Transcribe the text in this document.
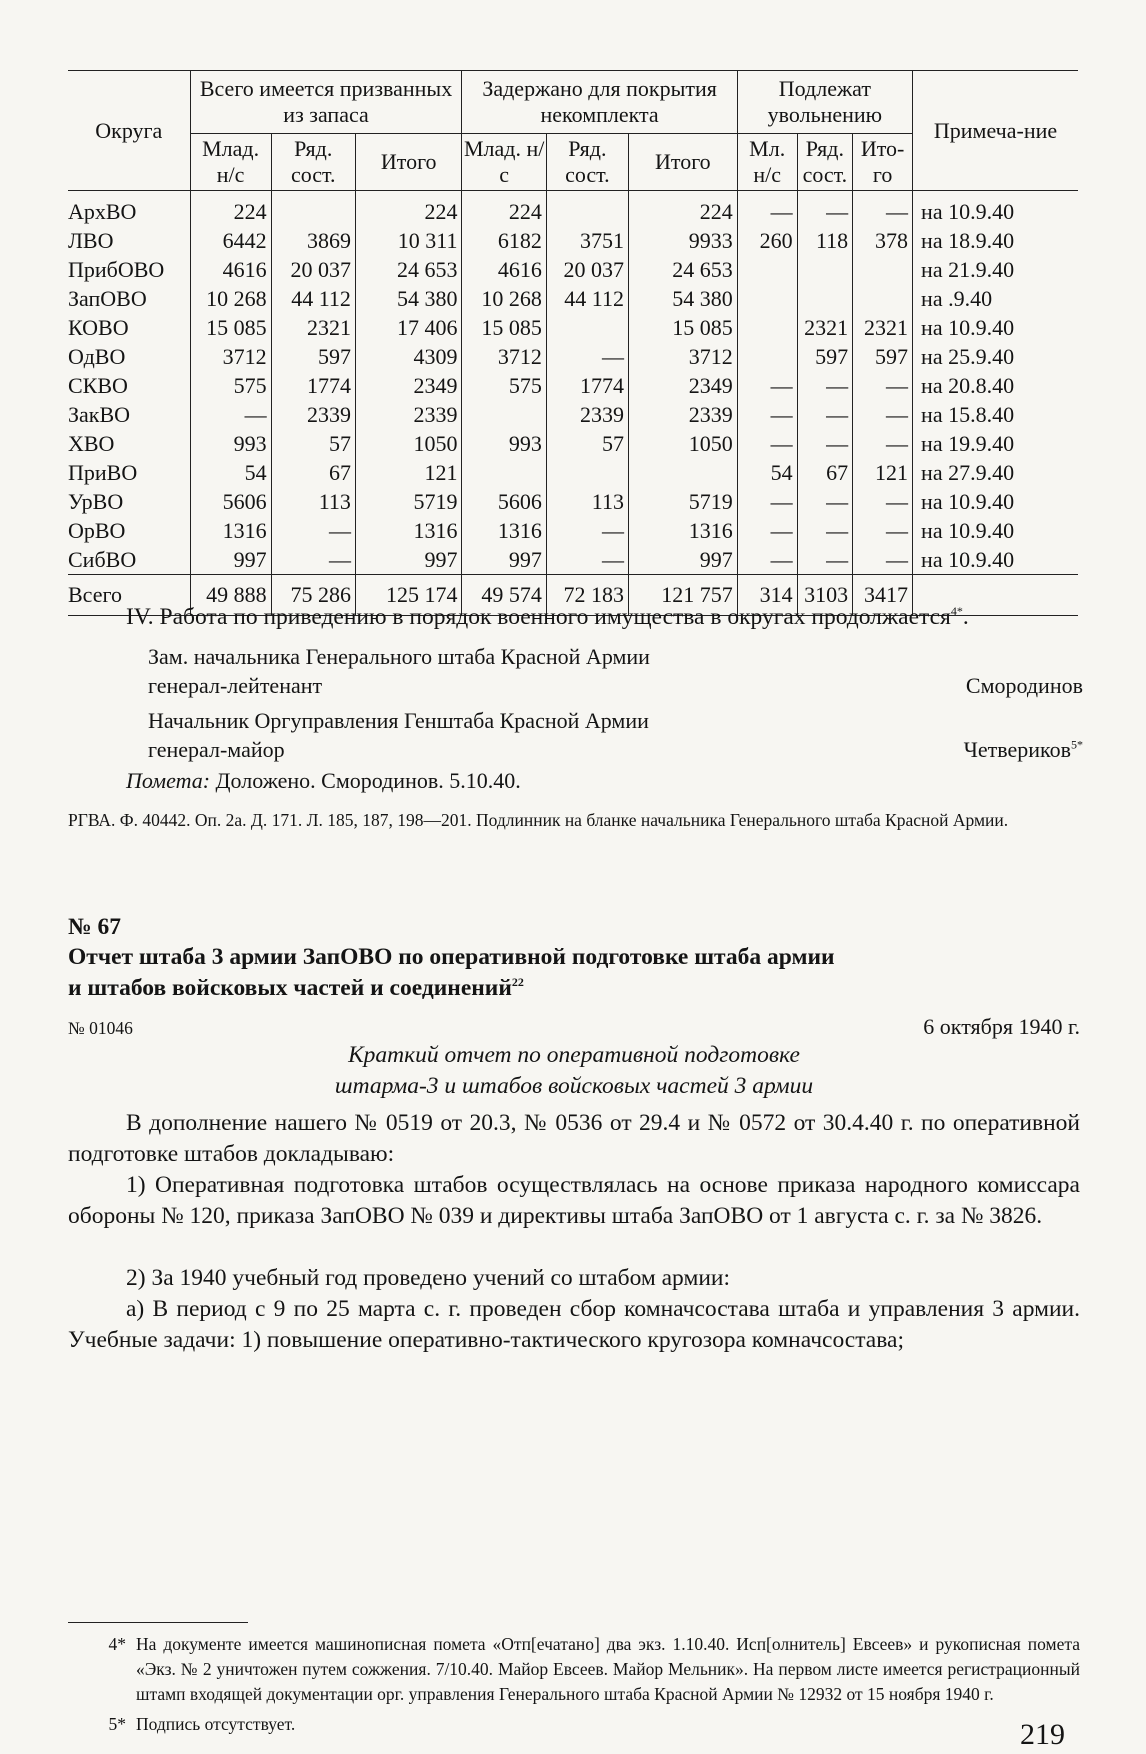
Округа	Всего имеется призванных из запаса			Задержано для покрытия некомплекта			Подлежат увольнению			Примеча-ние
	Млад. н/с	Ряд. сост.	Итого	Млад. н/с	Ряд. сост.	Итого	Мл. н/с	Ряд. сост.	Ито-го	
АрхВО	224		224	224		224	—	—	—	на 10.9.40
ЛВО	6442	3869	10 311	6182	3751	9933	260	118	378	на 18.9.40
ПрибОВО	4616	20 037	24 653	4616	20 037	24 653				на 21.9.40
ЗапОВО	10 268	44 112	54 380	10 268	44 112	54 380				на .9.40
КОВО	15 085	2321	17 406	15 085		15 085		2321	2321	на 10.9.40
ОдВО	3712	597	4309	3712	—	3712		597	597	на 25.9.40
СКВО	575	1774	2349	575	1774	2349	—	—	—	на 20.8.40
ЗакВО	—	2339	2339		2339	2339	—	—	—	на 15.8.40
ХВО	993	57	1050	993	57	1050	—	—	—	на 19.9.40
ПриВО	54	67	121				54	67	121	на 27.9.40
УрВО	5606	113	5719	5606	113	5719	—	—	—	на 10.9.40
ОрВО	1316	—	1316	1316	—	1316	—	—	—	на 10.9.40
СибВО	997	—	997	997	—	997	—	—	—	на 10.9.40
Всего	49 888	75 286	125 174	49 574	72 183	121 757	314	3103	3417	
IV. Работа по приведению в порядок военного имущества в округах продолжается$^{4*}$.
Зам. начальника Генерального штаба Красной Армии
генерал-лейтенант	Смородинов
Начальник Оргуправления Генштаба Красной Армии
генерал-майор	Четвериков$^{5*}$
Помета: Доложено. Смородинов. 5.10.40.
РГВА. Ф. 40442. Оп. 2а. Д. 171. Л. 185, 187, 198—201. Подлинник на бланке начальника Генерального штаба Красной Армии.
№ 67
Отчет штаба 3 армии ЗапОВО по оперативной подготовке штаба армии
и штабов войсковых частей и соединений$^{22}$
6 октября 1940 г.
№ 01046
Краткий отчет по оперативной подготовке
штарма-3 и штабов войсковых частей 3 армии
В дополнение нашего № 0519 от 20.3, № 0536 от 29.4 и № 0572 от 30.4.40 г. по оперативной подготовке штабов докладываю:
1) Оперативная подготовка штабов осуществлялась на основе приказа народного комиссара обороны № 120, приказа ЗапОВО № 039 и директивы штаба ЗапОВО от 1 августа с. г. за № 3826.
2) За 1940 учебный год проведено учений со штабом армии:
а) В период с 9 по 25 марта с. г. проведен сбор комначсостава штаба и управления 3 армии. Учебные задачи: 1) повышение оперативно-тактического кругозора комначсостава;
4* На документе имеется машинописная помета «Отп[ечатано] два экз. 1.10.40. Исп[олнитель] Евсеев» и рукописная помета «Экз. № 2 уничтожен путем сожжения. 7/10.40. Майор Евсеев. Майор Мельник». На первом листе имеется регистрационный штамп входящей документации орг. управления Генерального штаба Красной Армии № 12932 от 15 ноября 1940 г.
5* Подпись отсутствует.	219
